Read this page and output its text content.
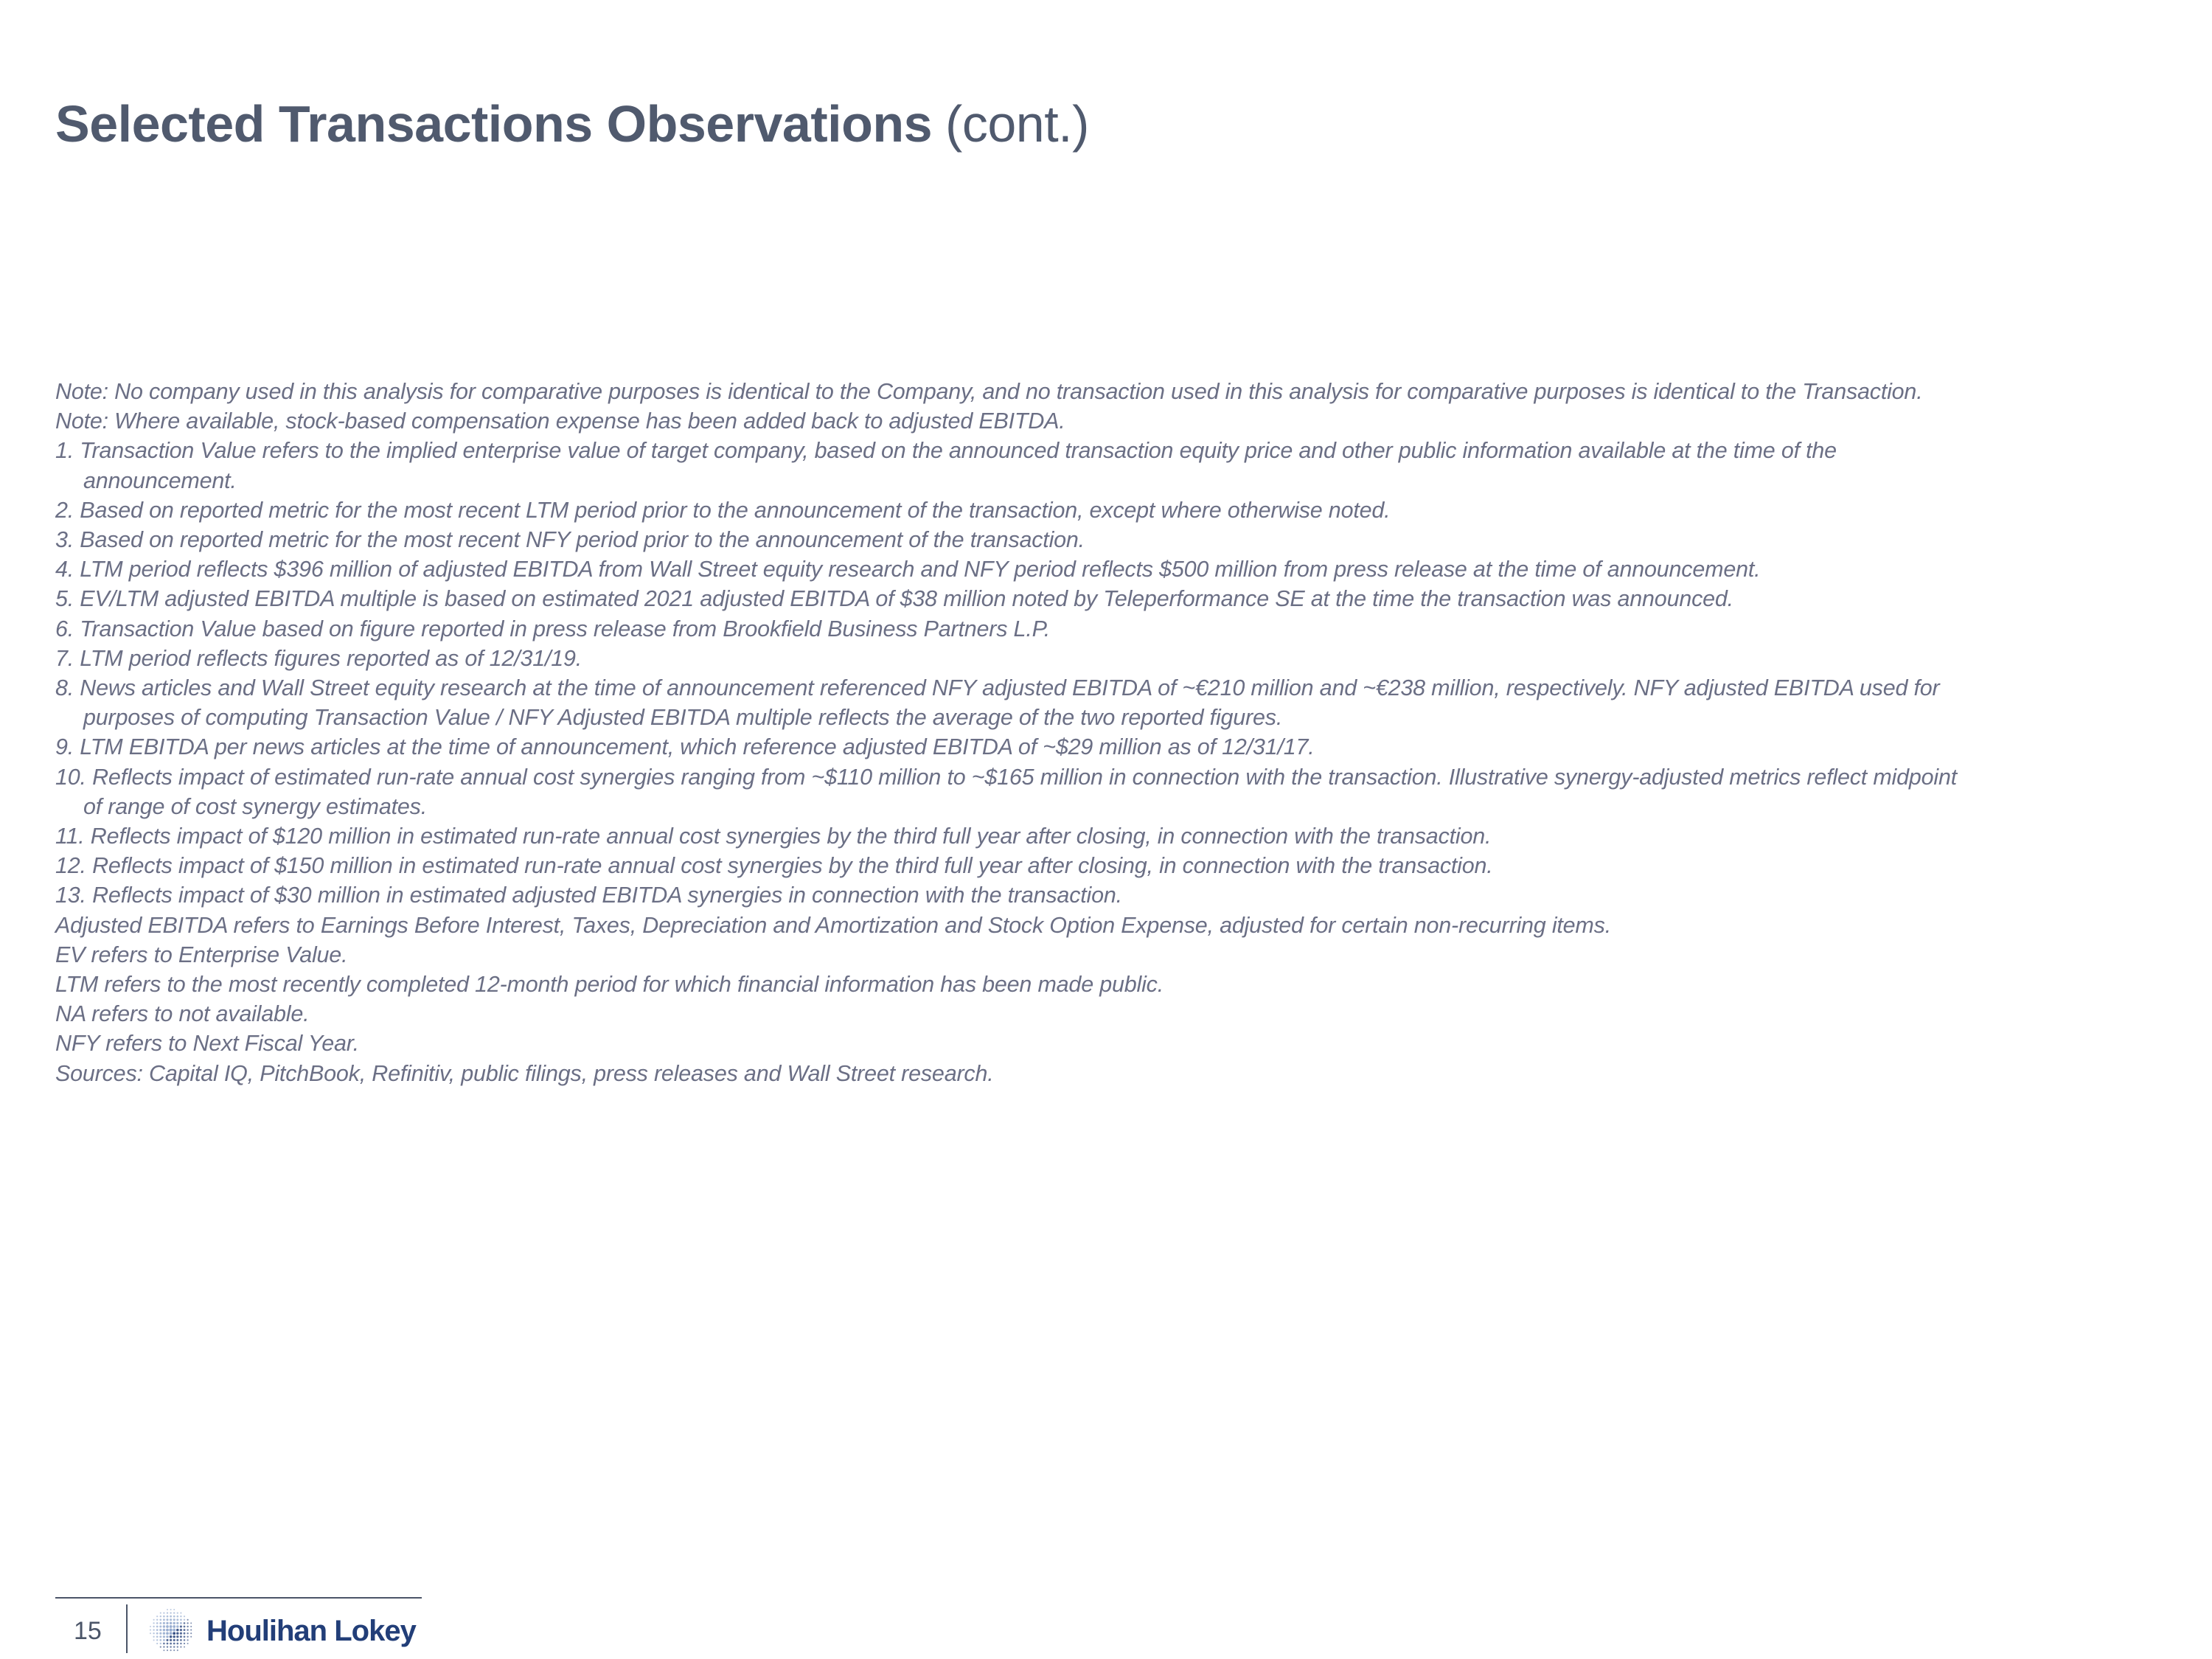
Selected Transactions Observations (cont.)
Note: No company used in this analysis for comparative purposes is identical to the Company, and no transaction used in this analysis for comparative purposes is identical to the Transaction.
Note: Where available, stock-based compensation expense has been added back to adjusted EBITDA.
1. Transaction Value refers to the implied enterprise value of target company, based on the announced transaction equity price and other public information available at the time of the
announcement.
2. Based on reported metric for the most recent LTM period prior to the announcement of the transaction, except where otherwise noted.
3. Based on reported metric for the most recent NFY period prior to the announcement of the transaction.
4. LTM period reflects $396 million of adjusted EBITDA from Wall Street equity research and NFY period reflects $500 million from press release at the time of announcement.
5. EV/LTM adjusted EBITDA multiple is based on estimated 2021 adjusted EBITDA of $38 million noted by Teleperformance SE at the time the transaction was announced.
6. Transaction Value based on figure reported in press release from Brookfield Business Partners L.P.
7. LTM period reflects figures reported as of 12/31/19.
8. News articles and Wall Street equity research at the time of announcement referenced NFY adjusted EBITDA of ~€210 million and ~€238 million, respectively. NFY adjusted EBITDA used for
purposes of computing Transaction Value / NFY Adjusted EBITDA multiple reflects the average of the two reported figures.
9. LTM EBITDA per news articles at the time of announcement, which reference adjusted EBITDA of ~$29 million as of 12/31/17.
10. Reflects impact of estimated run-rate annual cost synergies ranging from ~$110 million to ~$165 million in connection with the transaction. Illustrative synergy-adjusted metrics reflect midpoint
of range of cost synergy estimates.
11. Reflects impact of $120 million in estimated run-rate annual cost synergies by the third full year after closing, in connection with the transaction.
12. Reflects impact of $150 million in estimated run-rate annual cost synergies by the third full year after closing, in connection with the transaction.
13. Reflects impact of $30 million in estimated adjusted EBITDA synergies in connection with the transaction.
Adjusted EBITDA refers to Earnings Before Interest, Taxes, Depreciation and Amortization and Stock Option Expense, adjusted for certain non-recurring items.
EV refers to Enterprise Value.
LTM refers to the most recently completed 12-month period for which financial information has been made public.
NA refers to not available.
NFY refers to Next Fiscal Year.
Sources: Capital IQ, PitchBook, Refinitiv, public filings, press releases and Wall Street research.
15	Houlihan Lokey
